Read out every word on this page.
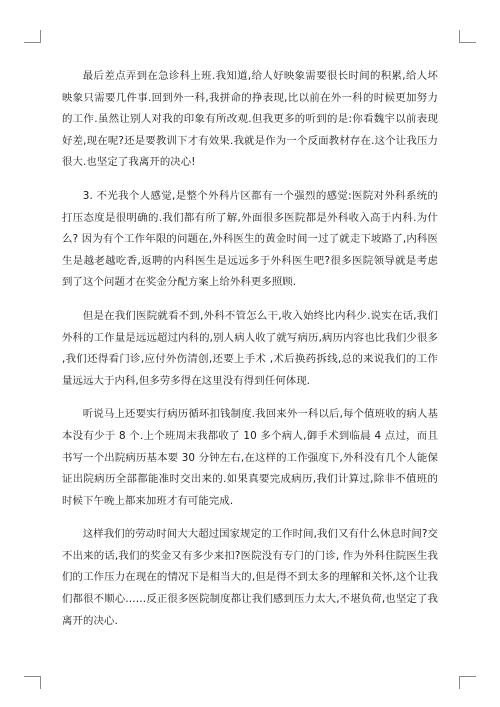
最后差点弄到在急诊科上班.我知道,给人好映象需要很长时间的积累,给人坏映象只需要几件事.回到外一科,我拼命的挣表现,比以前在外一科的时候更加努力的工作.虽然让别人对我的印象有所改观.但我更多的听到的是:你看魏宇以前表现好差,现在呢?还是要教训下才有效果.我就是作为一个反面教材存在.这个让我压力很大.也坚定了我离开的决心!

3. 不光我个人感觉,是整个外科片区都有一个强烈的感觉:医院对外科系统的打压态度是很明确的.我们都有所了解,外面很多医院都是外科收入高于内科.为什么? 因为有个工作年限的问题在,外科医生的黄金时间一过了就走下坡路了,内科医生是越老越吃香,返聘的内科医生是远远多于外科医生吧?很多医院领导就是考虑到了这个问题才在奖金分配方案上给外科更多照顾.

但是在我们医院就看不到,外科不管怎么干,收入始终比内科少.说实在话,我们外科的工作量是远远超过内科的,别人病人收了就写病历,病历内容也比我们少很多 ,我们还得看门诊,应付外伤清创,还要上手术 ,术后换药拆线,总的来说我们的工作量远远大于内科,但多劳多得在这里没有得到任何体现.

听说马上还要实行病历循环扣钱制度.我回来外一科以后,每个值班收的病人基本没有少于 8 个.上个班周末我都收了 10 多个病人,御手术到临晨 4 点过，而且书写一个出院病历基本要 30 分钟左右,在这样的工作强度下,外科没有几个人能保证出院病历全部都能准时交出来的.如果真要完成病历,我们计算过,除非不值班的时候下午晚上都来加班才有可能完成.

这样我们的劳动时间大大超过国家规定的工作时间,我们又有什么休息时间?交不出来的话,我们的奖金又有多少来扣?医院没有专门的门诊, 作为外科住院医生我们的工作压力在现在的情况下是相当大的,但是得不到太多的理解和关怀,这个让我们都很不顺心……反正很多医院制度都让我们感到压力太大,不堪负荷,也坚定了我离开的决心.
